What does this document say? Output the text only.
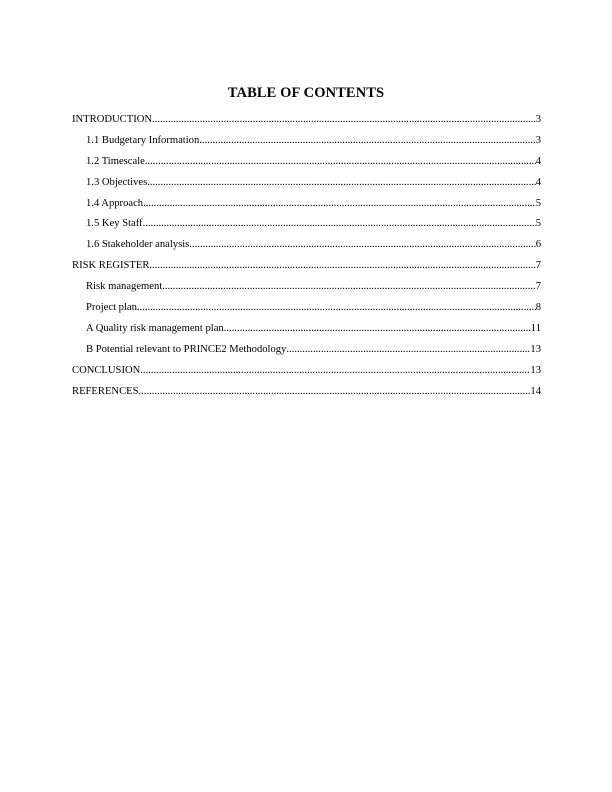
TABLE OF CONTENTS
INTRODUCTION .....	3
1.1 Budgetary Information .....	3
1.2 Timescale .....	4
1.3 Objectives .....	4
1.4 Approach .....	5
1.5 Key Staff .....	5
1.6 Stakeholder analysis .....	6
RISK REGISTER .....	7
Risk management .....	7
Project plan .....	8
A Quality risk management plan .....	11
B Potential relevant to PRINCE2 Methodology .....	13
CONCLUSION .....	13
REFERENCES .....	14
